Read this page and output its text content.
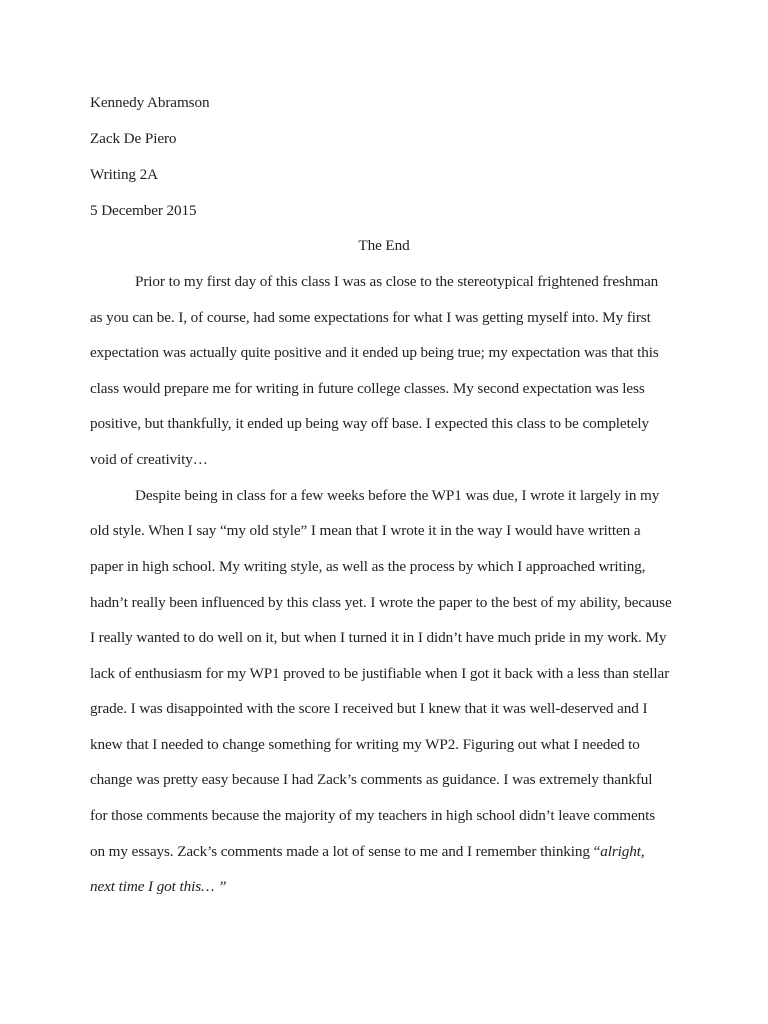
Kennedy Abramson
Zack De Piero
Writing 2A
5 December 2015
The End
Prior to my first day of this class I was as close to the stereotypical frightened freshman
as you can be. I, of course, had some expectations for what I was getting myself into. My first
expectation was actually quite positive and it ended up being true; my expectation was that this
class would prepare me for writing in future college classes. My second expectation was less
positive, but thankfully, it ended up being way off base. I expected this class to be completely
void of creativity…
Despite being in class for a few weeks before the WP1 was due, I wrote it largely in my
old style. When I say “my old style” I mean that I wrote it in the way I would have written a
paper in high school. My writing style, as well as the process by which I approached writing,
hadn’t really been influenced by this class yet. I wrote the paper to the best of my ability, because
I really wanted to do well on it, but when I turned it in I didn’t have much pride in my work. My
lack of enthusiasm for my WP1 proved to be justifiable when I got it back with a less than stellar
grade. I was disappointed with the score I received but I knew that it was well-deserved and I
knew that I needed to change something for writing my WP2. Figuring out what I needed to
change was pretty easy because I had Zack’s comments as guidance. I was extremely thankful
for those comments because the majority of my teachers in high school didn’t leave comments
on my essays. Zack’s comments made a lot of sense to me and I remember thinking “alright,
next time I got this… ”
